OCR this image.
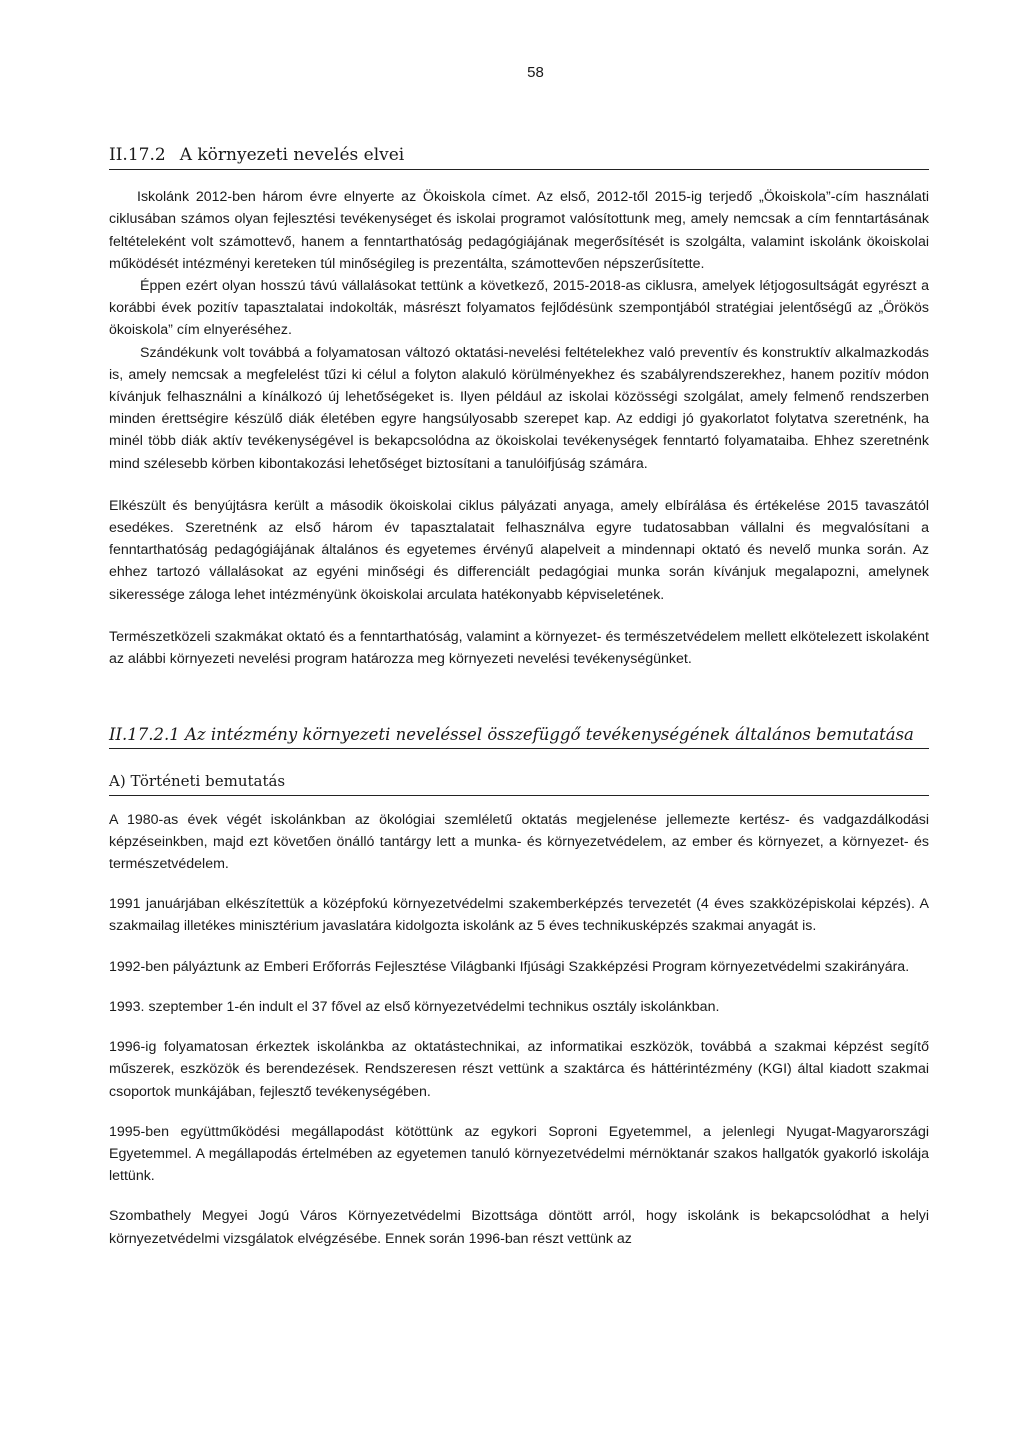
58
II.17.2 A környezeti nevelés elvei

Iskolánk 2012-ben három évre elnyerte az Ökoiskola címet. Az első, 2012-től 2015-ig terjedő „Ökoiskola”-cím használati ciklusában számos olyan fejlesztési tevékenységet és iskolai programot valósítottunk meg, amely nemcsak a cím fenntartásának feltételeként volt számottevő, hanem a fenntarthatóság pedagógiájának megerősítését is szolgálta, valamint iskolánk ökoiskolai működését intézményi kereteken túl minőségileg is prezentálta, számottevően népszerűsítette.

Éppen ezért olyan hosszú távú vállalásokat tettünk a következő, 2015-2018-as ciklusra, amelyek létjogosultságát egyrészt a korábbi évek pozitív tapasztalatai indokolták, másrészt folyamatos fejlődésünk szempontjából stratégiai jelentőségű az „Örökös ökoiskola” cím elnyeréséhez.

Szándékunk volt továbbá a folyamatosan változó oktatási-nevelési feltételekhez való preventív és konstruktív alkalmazkodás is, amely nemcsak a megfelelést tűzi ki célul a folyton alakuló körülményekhez és szabályrendszerekhez, hanem pozitív módon kívánjuk felhasználni a kínálkozó új lehetőségeket is. Ilyen például az iskolai közösségi szolgálat, amely felmenő rendszerben minden érettségire készülő diák életében egyre hangsúlyosabb szerepet kap. Az eddigi jó gyakorlatot folytatva szeretnénk, ha minél több diák aktív tevékenységével is bekapcsolódna az ökoiskolai tevékenységek fenntartó folyamataiba. Ehhez szeretnénk mind szélesebb körben kibontakozási lehetőséget biztosítani a tanulóifjúság számára.

Elkészült és benyújtásra került a második ökoiskolai ciklus pályázati anyaga, amely elbírálása és értékelése 2015 tavaszától esedékes. Szeretnénk az első három év tapasztalatait felhasználva egyre tudatosabban vállalni és megvalósítani a fenntarthatóság pedagógiájának általános és egyetemes érvényű alapelveit a mindennapi oktató és nevelő munka során. Az ehhez tartozó vállalásokat az egyéni minőségi és differenciált pedagógiai munka során kívánjuk megalapozni, amelynek sikeressége záloga lehet intézményünk ökoiskolai arculata hatékonyabb képviseletének.

Természetközeli szakmákat oktató és a fenntarthatóság, valamint a környezet- és természetvédelem mellett elkötelezett iskolaként az alábbi környezeti nevelési program határozza meg környezeti nevelési tevékenységünket.

II.17.2.1 Az intézmény környezeti neveléssel összefüggő tevékenységének általános bemutatása
A) Történeti bemutatás

A 1980-as évek végét iskolánkban az ökológiai szemléletű oktatás megjelenése jellemezte kertész- és vadgazdálkodási képzéseinkben, majd ezt követően önálló tantárgy lett a munka- és környezetvédelem, az ember és környezet, a környezet- és természetvédelem.

1991 januárjában elkészítettük a középfokú környezetvédelmi szakemberképzés tervezetét (4 éves szakközépiskolai képzés). A szakmailag illetékes minisztérium javaslatára kidolgozta iskolánk az 5 éves technikusképzés szakmai anyagát is.

1992-ben pályáztunk az Emberi Erőforrás Fejlesztése Világbanki Ifjúsági Szakképzési Program környezetvédelmi szakirányára.

1993. szeptember 1-én indult el 37 fővel az első környezetvédelmi technikus osztály iskolánkban.

1996-ig folyamatosan érkeztek iskolánkba az oktatástechnikai, az informatikai eszközök, továbbá a szakmai képzést segítő műszerek, eszközök és berendezések. Rendszeresen részt vettünk a szaktárca és háttérintézmény (KGI) által kiadott szakmai csoportok munkájában, fejlesztő tevékenységében.

1995-ben együttműködési megállapodást kötöttünk az egykori Soproni Egyetemmel, a jelenlegi Nyugat-Magyarországi Egyetemmel. A megállapodás értelmében az egyetemen tanuló környezetvédelmi mérnöktanár szakos hallgatók gyakorló iskolája lettünk.

Szombathely Megyei Jogú Város Környezetvédelmi Bizottsága döntött arról, hogy iskolánk is bekapcsolódhat a helyi környezetvédelmi vizsgálatok elvégzésébe. Ennek során 1996-ban részt vettünk az
